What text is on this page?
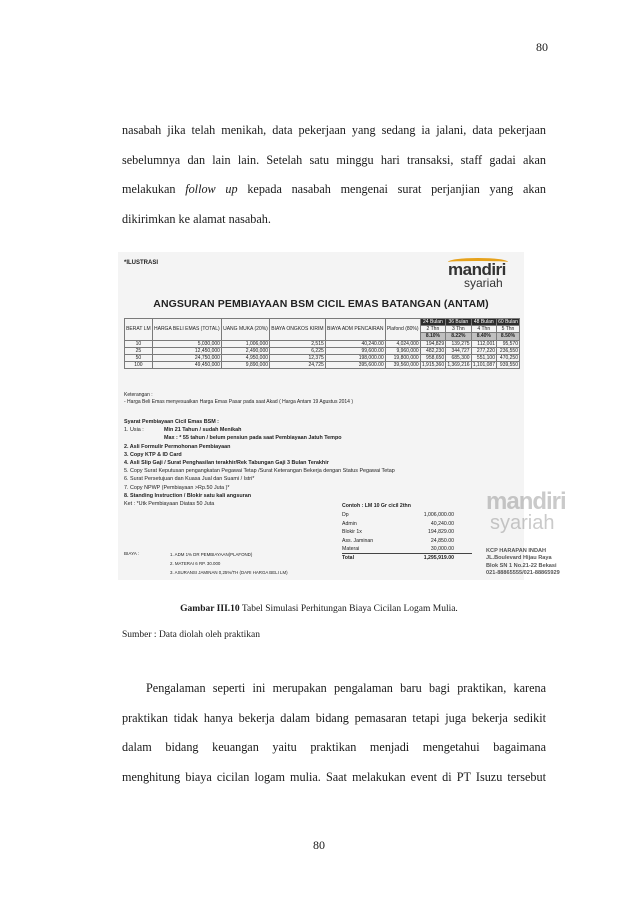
80
nasabah jika telah menikah, data pekerjaan yang sedang ia jalani, data pekerjaan
sebelumnya dan lain lain. Setelah satu minggu hari transaksi, staff gadai akan
melakukan follow up kepada nasabah mengenai surat perjanjian yang akan
dikirimkan ke alamat nasabah.
*ILUSTRASI	mandiri
syariah
ANGSURAN PEMBIAYAAN BSM CICIL EMAS BATANGAN (ANTAM)
BERAT LM	HARGA BELI EMAS (TOTAL)	UANG MUKA (20%)	BIAYA ONGKOS KIRIM	BIAYA ADM PENCAIRAN	Plafond (80%)	24 Bulan	36 Bulan	48 Bulan	60 Bulan
						2 Thn	3 Thn	4 Thn	5 Thn
						8.10%	8.22%	8.40%	8.50%
10	5,030,000	1,006,000	2,515	40,240.00	4,024,000	194,829	139,275	112,001	95,570
25	12,450,000	2,490,000	6,225	99,600.00	9,960,000	482,230	344,727	277,220	236,550
50	24,750,000	4,950,000	12,375	198,000.00	19,800,000	958,650	685,300	551,100	470,250
100	49,450,000	9,890,000	24,725	395,600.00	39,560,000	1,915,360	1,369,216	1,101,087	939,550
Keterangan :
- Harga Beli Emas menyesuaikan Harga Emas Pasar pada saat Akad ( Harga Antam 19 Agustus 2014 )
Syarat Pembiayaan Cicil Emas BSM :
1. Usia :	Min 21 Tahun / sudah Menikah
Max : * 55 tahun / belum pensiun pada saat Pembiayaan Jatuh Tempo
2. Asli Formulir Permohonan Pembiayaan
3. Copy KTP & ID Card
4. Asli Slip Gaji / Surat Penghasilan terakhir/Rek Tabungan Gaji 3 Bulan Terakhir
5. Copy Surat Keputusan pengangkatan Pegawai Tetap /Surat Keterangan Bekerja dengan Status Pegawai Tetap
6. Surat Persetujuan dan Kuasa Jual dan Suami / Istri*
7. Copy NPWP (Pembiayaan >Rp.50 Juta )*
8. Standing Instruction / Blokir satu kali angsuran
Ket : *Utk Pembiayaan Diatas 50 Juta
BIAYA :	1. ADM 1% DR PEMBIAYAAN(PLAFOND)
2. MATERAI 6 RP. 30.000
3. ASURANSI JAMINAN 0,25%/TH (DARI HARGA BELI LM)
Contoh : LM 10 Gr cicil 2thn
Dp	1,006,000.00
Admin	40,240.00
Blokir 1x	194,829.00
Ass. Jaminan	24,850.00
Materai	30,000.00
Total	1,295,919.00
mandiri
syariah
KCP HARAPAN INDAH
JL.Boulevard Hijau Raya
Blok SN 1 No.21-22 Bekasi
021-88865555/021-88865929
Gambar III.10 Tabel Simulasi Perhitungan Biaya Cicilan Logam Mulia.
Sumber : Data diolah oleh praktikan
Pengalaman seperti ini merupakan pengalaman baru bagi praktikan, karena
praktikan tidak hanya bekerja dalam bidang pemasaran tetapi juga bekerja sedikit
dalam bidang keuangan yaitu praktikan menjadi mengetahui bagaimana
menghitung biaya cicilan logam mulia. Saat melakukan event di PT Isuzu tersebut
80
